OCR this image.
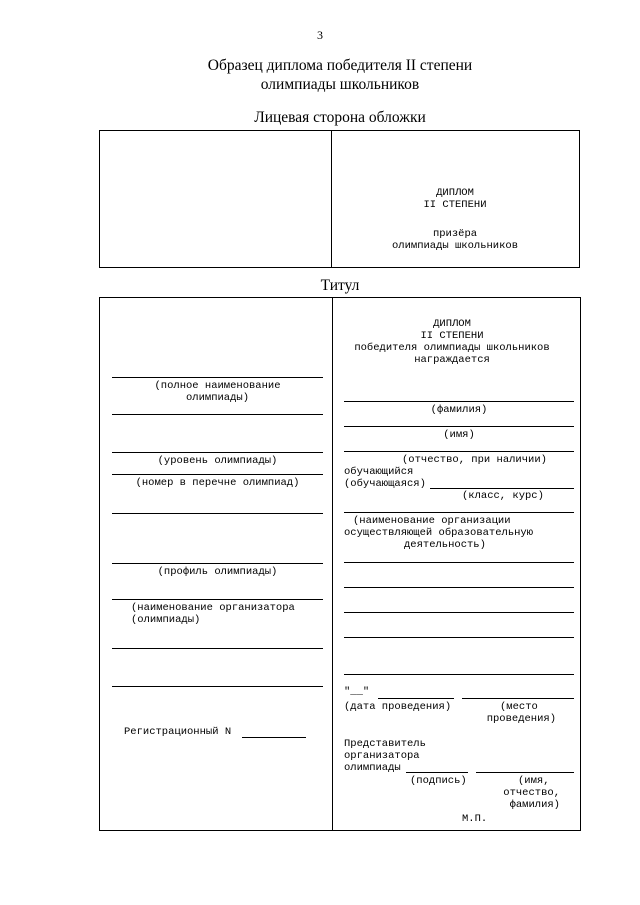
3
Образец диплома победителя II степени
олимпиады школьников
Лицевая сторона обложки
ДИПЛОМ
II СТЕПЕНИ
призёра
олимпиады школьников
Титул
(полное наименование
олимпиады)
(уровень олимпиады)
(номер в перечне олимпиад)
(профиль олимпиады)
(наименование организатора
(олимпиады)
Регистрационный N
ДИПЛОМ
II СТЕПЕНИ
победителя олимпиады школьников
награждается
(фамилия)
(имя)
(отчество, при наличии)
обучающийся
(обучающаяся)
(класс, курс)
(наименование организации
осуществляющей образовательную
деятельность)
"__"
(дата проведения)	(место
проведения)
Представитель
организатора
олимпиады
(подпись)	(имя,
отчество,
фамилия)
М.П.
